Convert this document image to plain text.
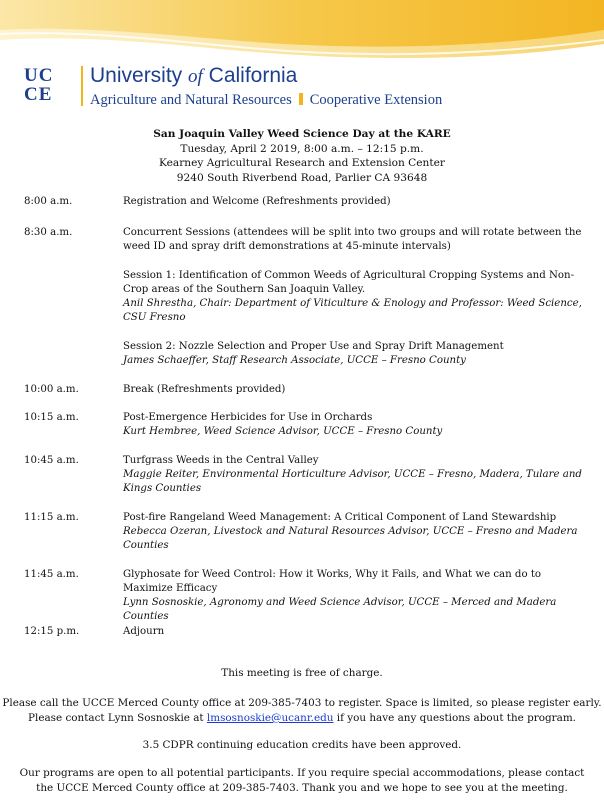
UC
CE
University of California
Agriculture and Natural Resources Cooperative Extension
San Joaquin Valley Weed Science Day at the KARE
Tuesday, April 2 2019, 8:00 a.m. – 12:15 p.m.
Kearney Agricultural Research and Extension Center
9240 South Riverbend Road, Parlier CA 93648
8:00 a.m.	Registration and Welcome (Refreshments provided)
8:30 a.m.	Concurrent Sessions (attendees will be split into two groups and will rotate between the weed ID and spray drift demonstrations at 45-minute intervals)
Session 1: Identification of Common Weeds of Agricultural Cropping Systems and Non-Crop areas of the Southern San Joaquin Valley.
Anil Shrestha, Chair: Department of Viticulture & Enology and Professor: Weed Science, CSU Fresno
Session 2: Nozzle Selection and Proper Use and Spray Drift Management
James Schaeffer, Staff Research Associate, UCCE – Fresno County
10:00 a.m.	Break (Refreshments provided)
10:15 a.m.	Post-Emergence Herbicides for Use in Orchards
Kurt Hembree, Weed Science Advisor, UCCE – Fresno County
10:45 a.m.	Turfgrass Weeds in the Central Valley
Maggie Reiter, Environmental Horticulture Advisor, UCCE – Fresno, Madera, Tulare and Kings Counties
11:15 a.m.	Post-fire Rangeland Weed Management: A Critical Component of Land Stewardship
Rebecca Ozeran, Livestock and Natural Resources Advisor, UCCE – Fresno and Madera Counties
11:45 a.m.	Glyphosate for Weed Control: How it Works, Why it Fails, and What we can do to Maximize Efficacy
Lynn Sosnoskie, Agronomy and Weed Science Advisor, UCCE – Merced and Madera Counties
12:15 p.m.	Adjourn
This meeting is free of charge.
Please call the UCCE Merced County office at 209-385-7403 to register. Space is limited, so please register early.
Please contact Lynn Sosnoskie at lmsosnoskie@ucanr.edu if you have any questions about the program.
3.5 CDPR continuing education credits have been approved.
Our programs are open to all potential participants. If you require special accommodations, please contact the UCCE Merced County office at 209-385-7403. Thank you and we hope to see you at the meeting.
